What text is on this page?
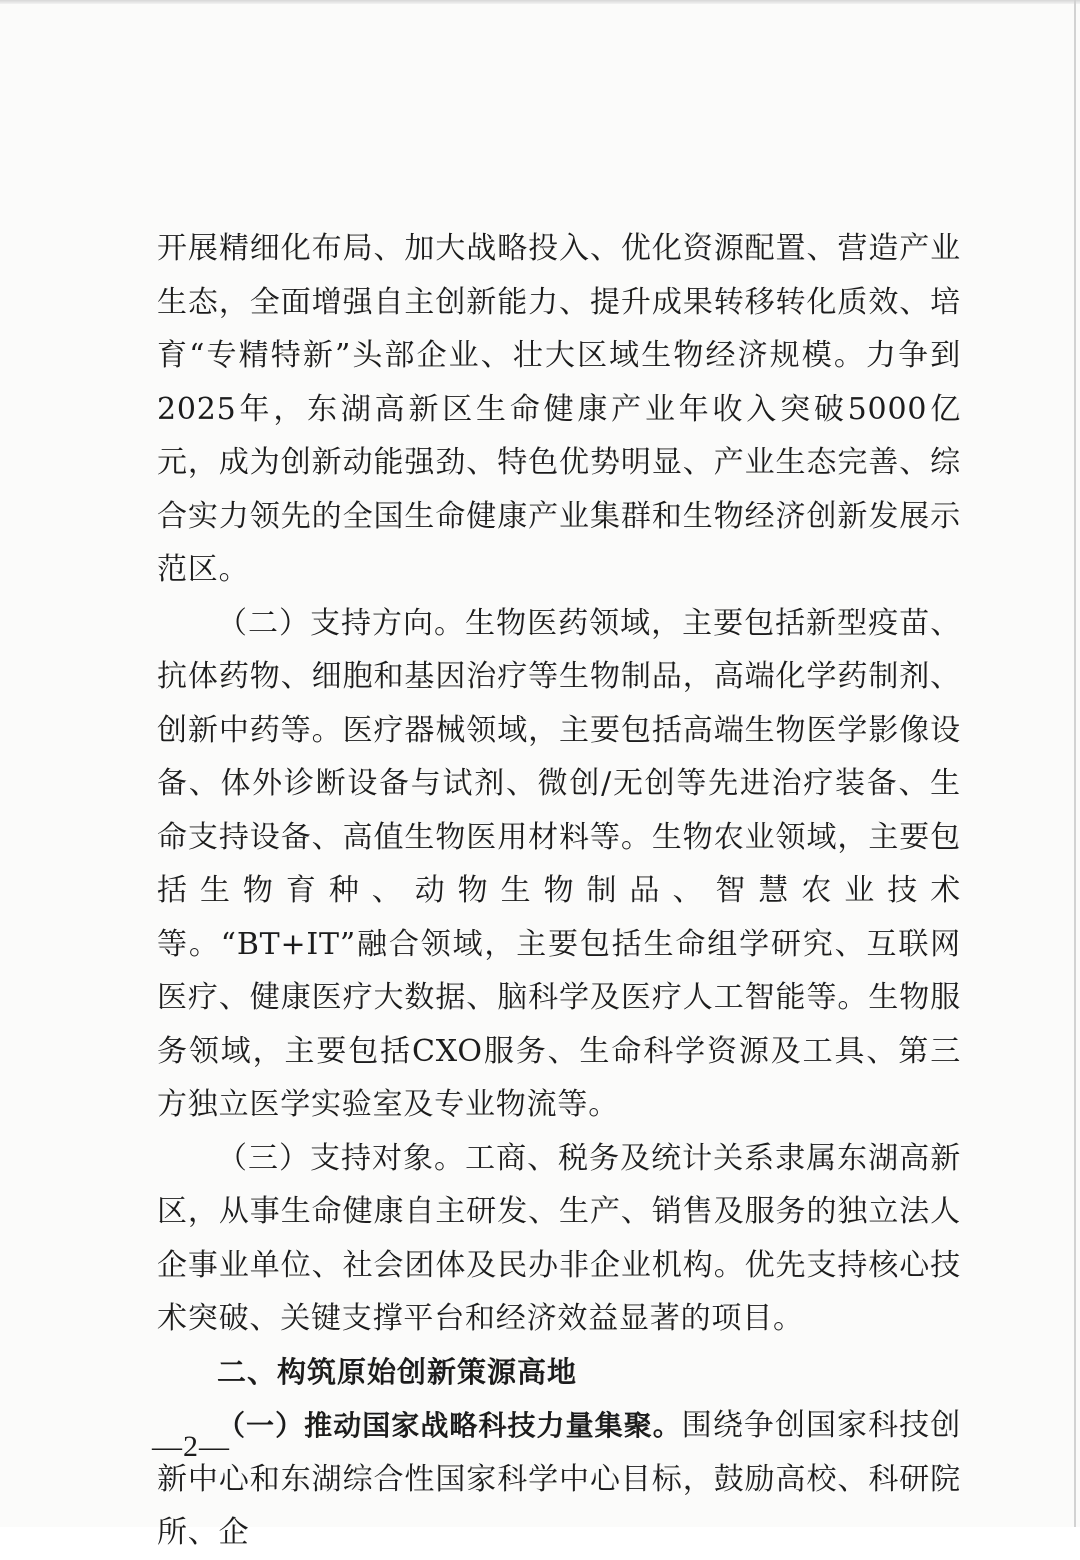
开展精细化布局、加大战略投入、优化资源配置、营造产业生态，全面增强自主创新能力、提升成果转移转化质效、培育“专精特新”头部企业、壮大区域生物经济规模。力争到2025年，东湖高新区生命健康产业年收入突破5000亿元，成为创新动能强劲、特色优势明显、产业生态完善、综合实力领先的全国生命健康产业集群和生物经济创新发展示范区。

（二）支持方向。生物医药领域，主要包括新型疫苗、抗体药物、细胞和基因治疗等生物制品，高端化学药制剂、创新中药等。医疗器械领域，主要包括高端生物医学影像设备、体外诊断设备与试剂、微创/无创等先进治疗装备、生命支持设备、高值生物医用材料等。生物农业领域，主要包括生物育种、动物生物制品、智慧农业技术等。“BT+IT”融合领域，主要包括生命组学研究、互联网医疗、健康医疗大数据、脑科学及医疗人工智能等。生物服务领域，主要包括CXO服务、生命科学资源及工具、第三方独立医学实验室及专业物流等。

（三）支持对象。工商、税务及统计关系隶属东湖高新区，从事生命健康自主研发、生产、销售及服务的独立法人企事业单位、社会团体及民办非企业机构。优先支持核心技术突破、关键支撑平台和经济效益显著的项目。

二、构筑原始创新策源高地

（一）推动国家战略科技力量集聚。围绕争创国家科技创新中心和东湖综合性国家科学中心目标，鼓励高校、科研院所、企

—2—
